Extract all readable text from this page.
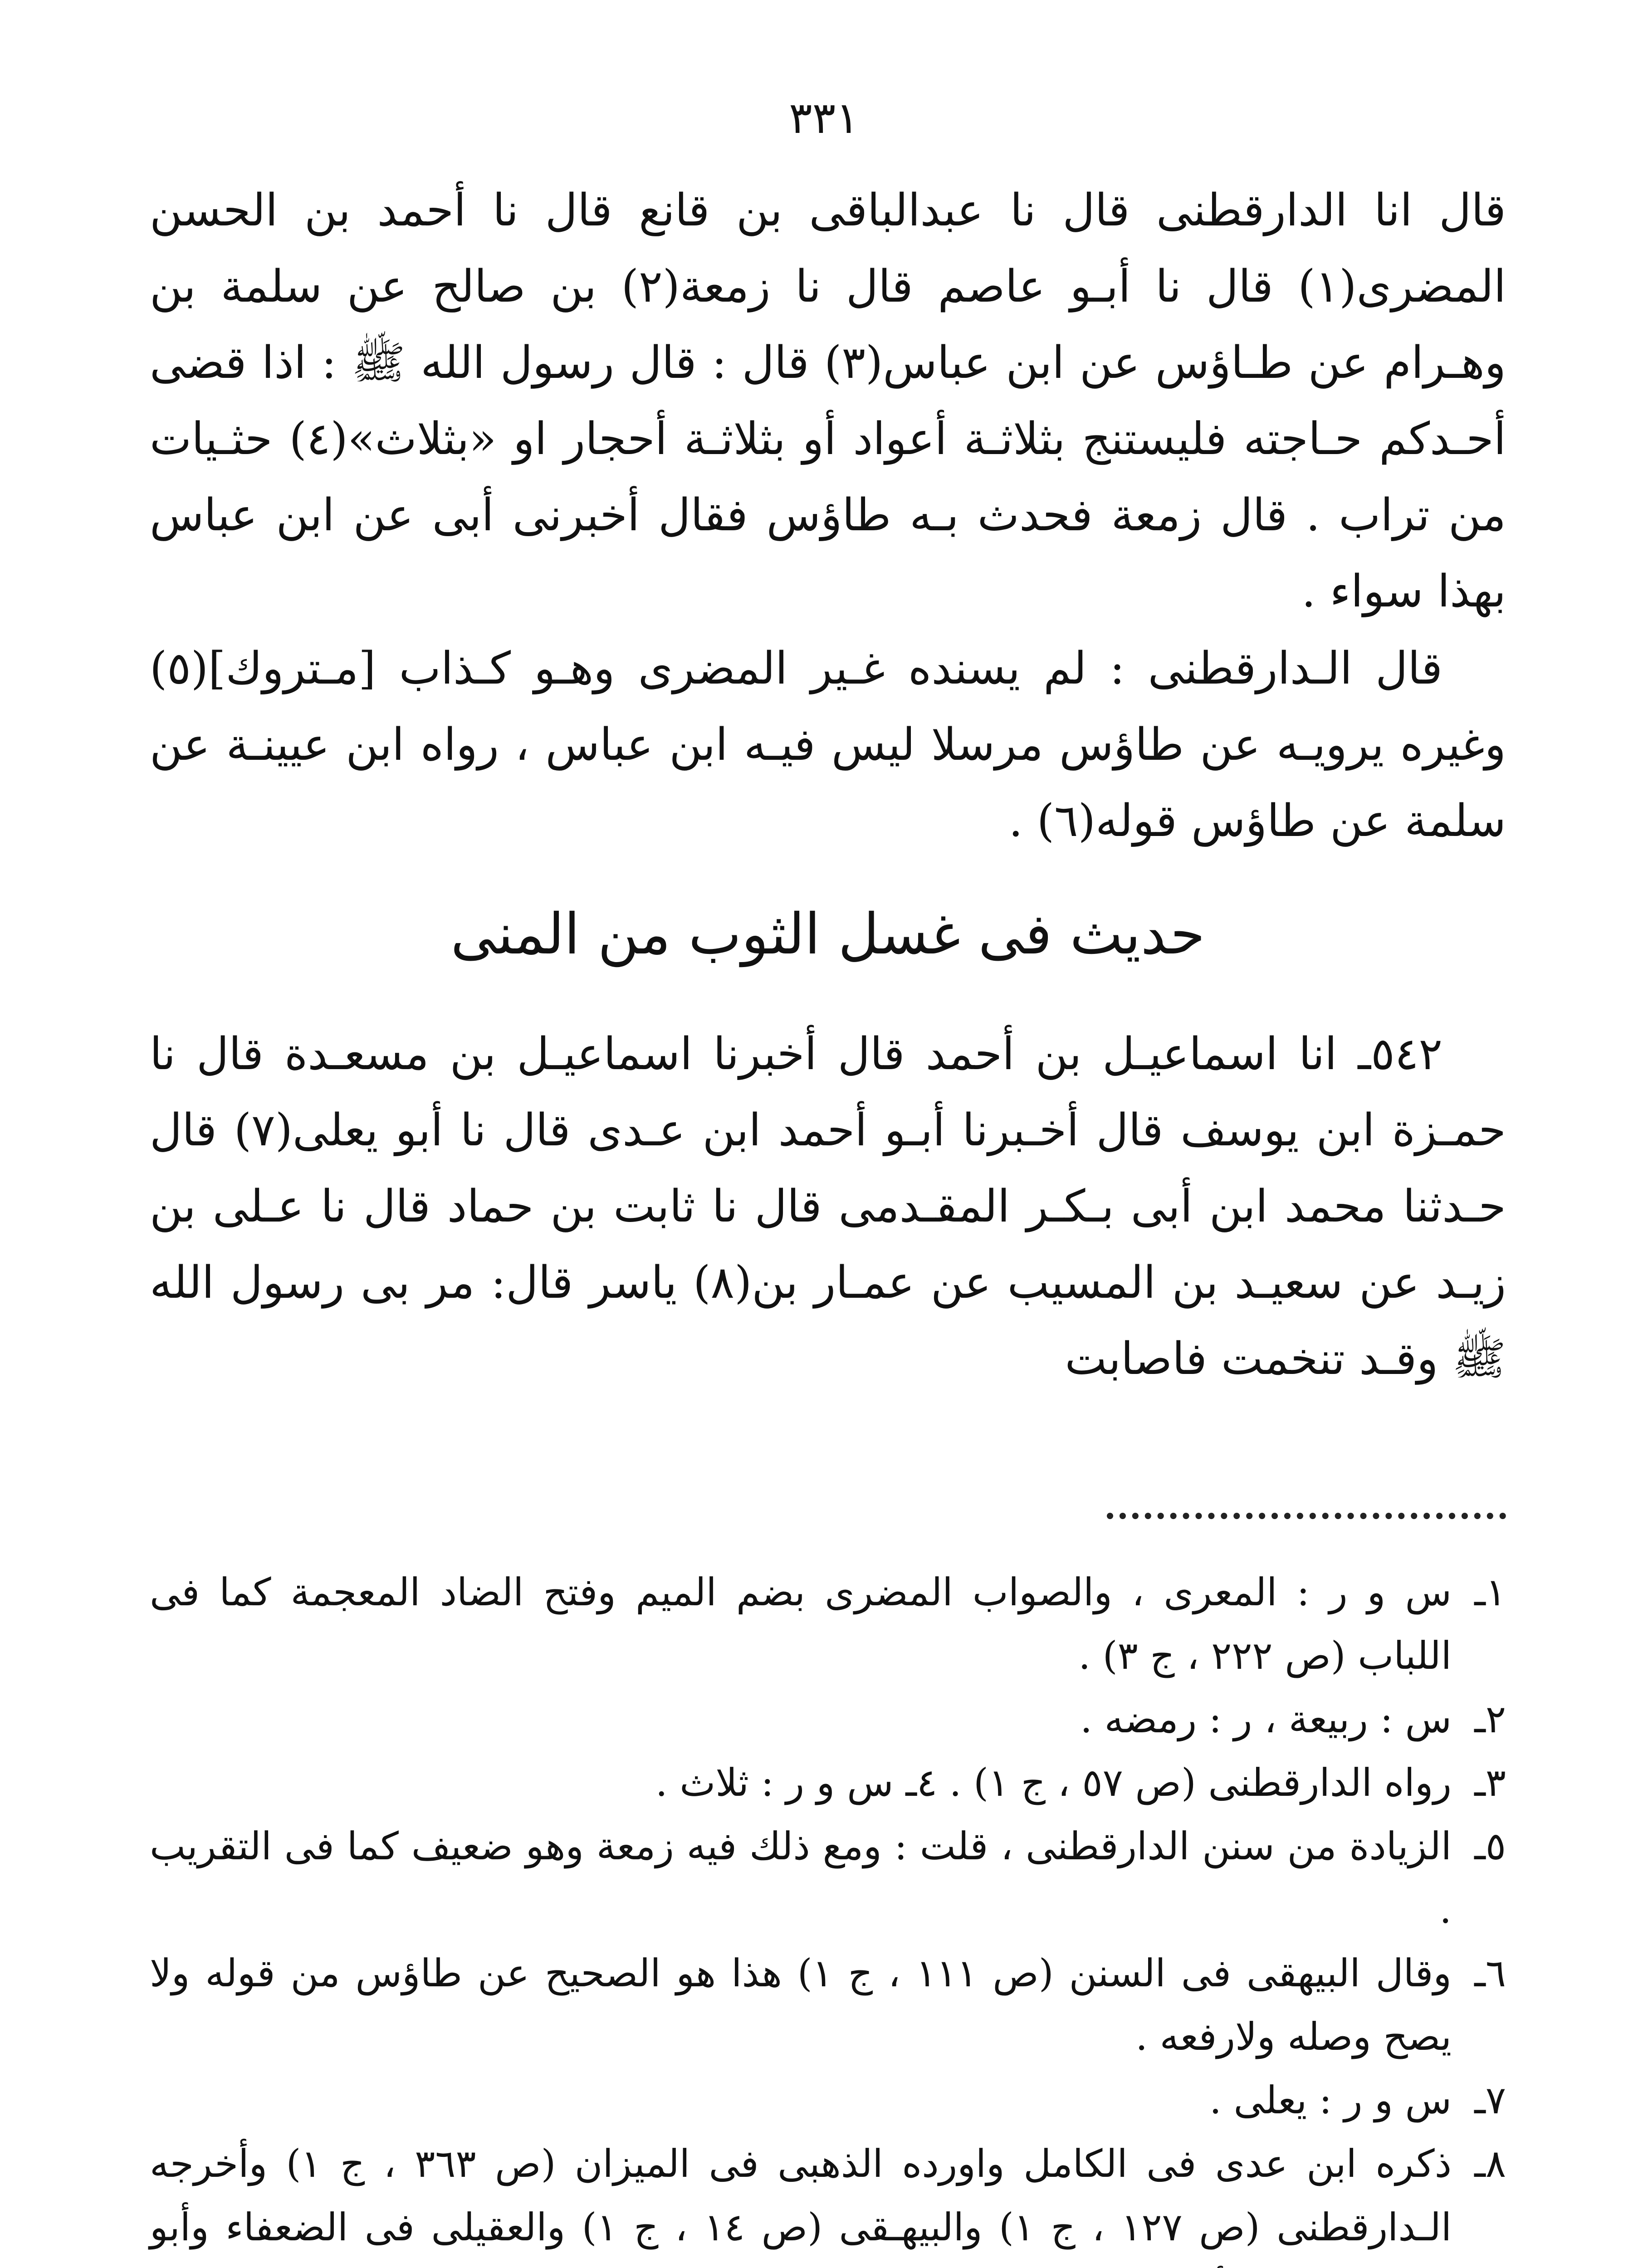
٣٣١

قال انا الدارقطنى قال نا عبدالباقى بن قانع قال نا أحمد بن الحسن المضرى(١) قال نا أبـو عاصم قال نا زمعة(٢) بن صالح عن سلمة بن وهـرام عن طـاؤس عن ابن عباس(٣) قال : قال رسول الله ﷺ : اذا قضى أحـدكم حـاجته فليستنج بثلاثـة أعواد أو بثلاثـة أحجار او «بثلاث»(٤) حثـيات من تراب . قال زمعة فحدث بـه طاؤس فقال أخبرنى أبى عن ابن عباس بهذا سواء .

قال الـدارقطنى : لم يسنده غـير المضرى وهـو كـذاب [مـتروك](٥) وغيره يرويـه عن طاؤس مرسلا ليس فيـه ابن عباس ، رواه ابن عيينـة عن سلمة عن طاؤس قوله(٦) .

حديث فى غسل الثوب من المنى

٥٤٢ـ انا اسماعيـل بن أحمد قال أخبرنا اسماعيـل بن مسعـدة قال نا حمـزة ابن يوسف قال أخـبرنا أبـو أحمد ابن عـدى قال نا أبو يعلى(٧) قال حـدثنا محمد ابن أبى بـكـر المقـدمى قال نا ثابت بن حماد قال نا عـلى بن زيـد عن سعيـد بن المسيب عن عمـار بن(٨) ياسر قال: مر بى رسول الله ﷺ وقـد تنخمت فاصابت

١ـ
س و ر : المعرى ، والصواب المضرى بضم الميم وفتح الضاد المعجمة كما فى اللباب (ص ٢٢٢ ، ج ٣) .
٢ـ
س : ربيعة ، ر : رمضه .
٣ـ
رواه الدارقطنى (ص ٥٧ ، ج ١) . ٤ـ س و ر : ثلاث .
٥ـ
الزيادة من سنن الدارقطنى ، قلت : ومع ذلك فيه زمعة وهو ضعيف كما فى التقريب .
٦ـ
وقال البيهقى فى السنن (ص ١١١ ، ج ١) هذا هو الصحيح عن طاؤس من قوله ولا يصح وصله ولارفعه .
٧ـ
س و ر : يعلى .
٨ـ
ذكره ابن عدى فى الكامل واورده الذهبى فى الميزان (ص ٣٦٣ ، ج ١) وأخرجه الـدارقطنى (ص ١٢٧ ، ج ١) والبيهـقى (ص ١٤ ، ج ١) والعقيلى فى الضعفاء وأبو
